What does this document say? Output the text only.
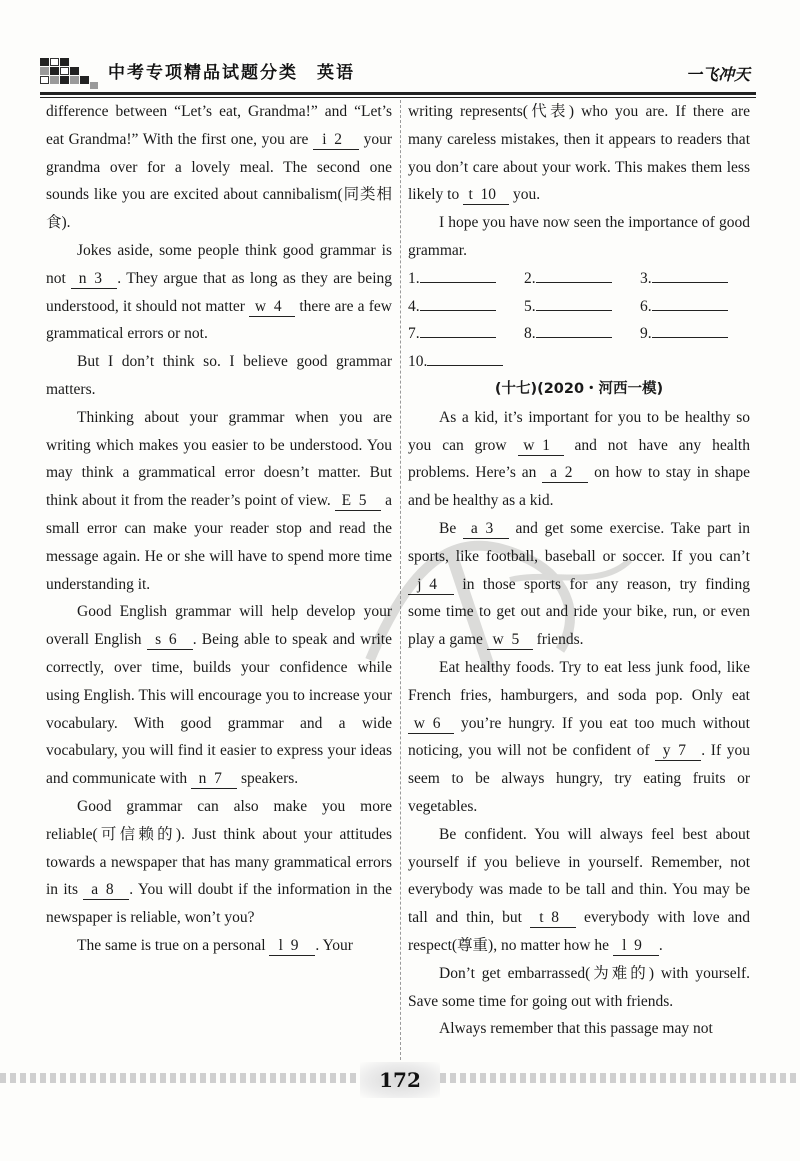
中考专项精品试题分类　英语	一飞冲天

difference between “Let’s eat, Grandma!” and “Let’s eat Grandma!” With the first one, you are i 2   your grandma over for a lovely meal. The second one sounds like you are excited about cannibalism(同类相食).

Jokes aside, some people think good grammar is not n 3 . They argue that as long as they are being understood, it should not matter w 4   there are a few grammatical errors or not.

But I don’t think so. I believe good grammar matters.

Thinking about your grammar when you are writing which makes you easier to be understood. You may think a grammatical error doesn’t matter. But think about it from the reader’s point of view. E 5   a small error can make your reader stop and read the message again. He or she will have to spend more time understanding it.

Good English grammar will help develop your overall English s 6 . Being able to speak and write correctly, over time, builds your confidence while using English. This will encourage you to increase your vocabulary. With good grammar and a wide vocabulary, you will find it easier to express your ideas and communicate with n 7   speakers.

Good grammar can also make you more reliable(可信赖的). Just think about your attitudes towards a newspaper that has many grammatical errors in its a 8 . You will doubt if the information in the newspaper is reliable, won’t you?

The same is true on a personal l 9 . Your

writing represents(代表) who you are. If there are many careless mistakes, then it appears to readers that you don’t care about your work. This makes them less likely to t 10   you.

I hope you have now seen the importance of good grammar.

1.	2.	3.
4.	5.	6.
7.	8.	9.
10.

(十七)(2020・河西一模)

As a kid, it’s important for you to be healthy so you can grow w 1   and not have any health problems. Here’s an a 2   on how to stay in shape and be healthy as a kid.

Be a 3   and get some exercise. Take part in sports, like football, baseball or soccer. If you can’t j 4   in those sports for any reason, try finding some time to get out and ride your bike, run, or even play a game w 5   friends.

Eat healthy foods. Try to eat less junk food, like French fries, hamburgers, and soda pop. Only eat w 6   you’re hungry. If you eat too much without noticing, you will not be confident of y 7 . If you seem to be always hungry, try eating fruits or vegetables.

Be confident. You will always feel best about yourself if you believe in yourself. Remember, not everybody was made to be tall and thin. You may be tall and thin, but t 8   everybody with love and respect(尊重), no matter how he l 9 .

Don’t get embarrassed(为难的) with yourself. Save some time for going out with friends.

Always remember that this passage may not

172
